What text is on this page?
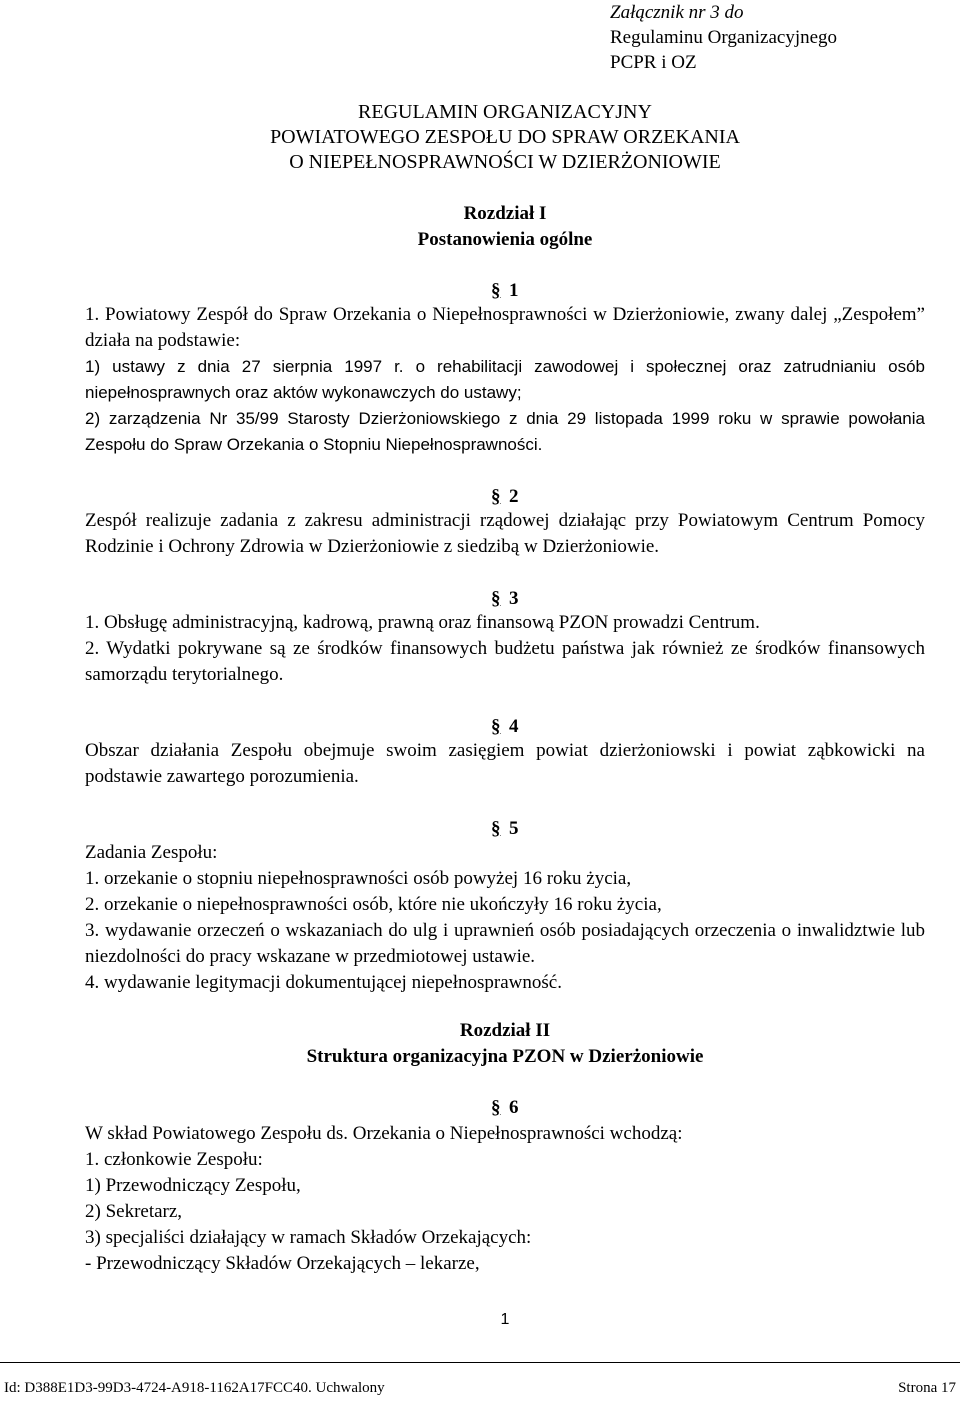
Załącznik nr 3 do
Regulaminu Organizacyjnego
PCPR i OZ
REGULAMIN ORGANIZACYJNY
POWIATOWEGO ZESPOŁU DO SPRAW ORZEKANIA
O NIEPEŁNOSPRAWNOŚCI W DZIERŻONIOWIE
Rozdział I
Postanowienia ogólne
§ 1

1. Powiatowy Zespół do Spraw Orzekania o Niepełnosprawności w Dzierżoniowie, zwany dalej „Zespołem” działa na podstawie:

1) ustawy z dnia 27 sierpnia 1997 r. o rehabilitacji zawodowej i społecznej oraz zatrudnianiu osób niepełnosprawnych oraz aktów wykonawczych do ustawy;

2) zarządzenia Nr 35/99 Starosty Dzierżoniowskiego z dnia 29 listopada 1999 roku w sprawie powołania Zespołu do Spraw Orzekania o Stopniu Niepełnosprawności.

§ 2

Zespół realizuje zadania z zakresu administracji rządowej działając przy Powiatowym Centrum Pomocy Rodzinie i Ochrony Zdrowia w Dzierżoniowie z siedzibą w Dzierżoniowie.

§ 3

1. Obsługę administracyjną, kadrową, prawną oraz finansową PZON prowadzi Centrum.

2. Wydatki pokrywane są ze środków finansowych budżetu państwa jak również ze środków finansowych samorządu terytorialnego.

§ 4

Obszar działania Zespołu obejmuje swoim zasięgiem powiat dzierżoniowski i powiat ząbkowicki na podstawie zawartego porozumienia.

§ 5

Zadania Zespołu:

1. orzekanie o stopniu niepełnosprawności osób powyżej 16 roku życia,

2. orzekanie o niepełnosprawności osób, które nie ukończyły 16 roku życia,

3. wydawanie orzeczeń o wskazaniach do ulg i uprawnień osób posiadających orzeczenia o inwalidztwie lub niezdolności do pracy wskazane w przedmiotowej ustawie.

4. wydawanie legitymacji dokumentującej niepełnosprawność.

Rozdział II
Struktura organizacyjna PZON w Dzierżoniowie
§ 6

W skład Powiatowego Zespołu ds. Orzekania o Niepełnosprawności wchodzą:

1. członkowie Zespołu:

1) Przewodniczący Zespołu,

2) Sekretarz,

3) specjaliści działający w ramach Składów Orzekających:

- Przewodniczący Składów Orzekających – lekarze,

1
Id: D388E1D3-99D3-4724-A918-1162A17FCC40. Uchwalony	Strona 17
